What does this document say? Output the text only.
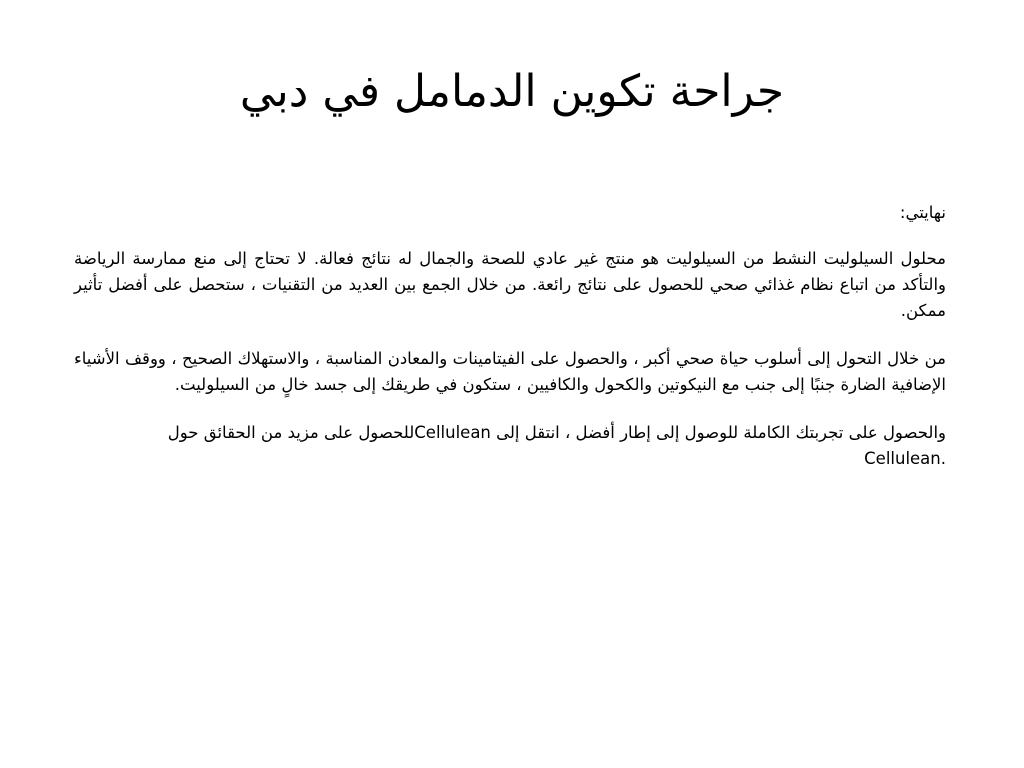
جراحة تكوين الدمامل في دبي

نهايتي:

محلول السيلوليت النشط من السيلوليت هو منتج غير عادي للصحة والجمال له نتائج فعالة. لا تحتاج إلى منع ممارسة الرياضة والتأكد من اتباع نظام غذائي صحي للحصول على نتائج رائعة. من خلال الجمع بين العديد من التقنيات ، ستحصل على أفضل تأثير ممكن.

من خلال التحول إلى أسلوب حياة صحي أكبر ، والحصول على الفيتامينات والمعادن المناسبة ، والاستهلاك الصحيح ، ووقف الأشياء الإضافية الضارة جنبًا إلى جنب مع النيكوتين والكحول والكافيين ، ستكون في طريقك إلى جسد خالٍ من السيلوليت.

والحصول على تجربتك الكاملة للوصول إلى إطار أفضل ، انتقل إلى Celluleanللحصول على مزيد من الحقائق حول
Cellulean.
